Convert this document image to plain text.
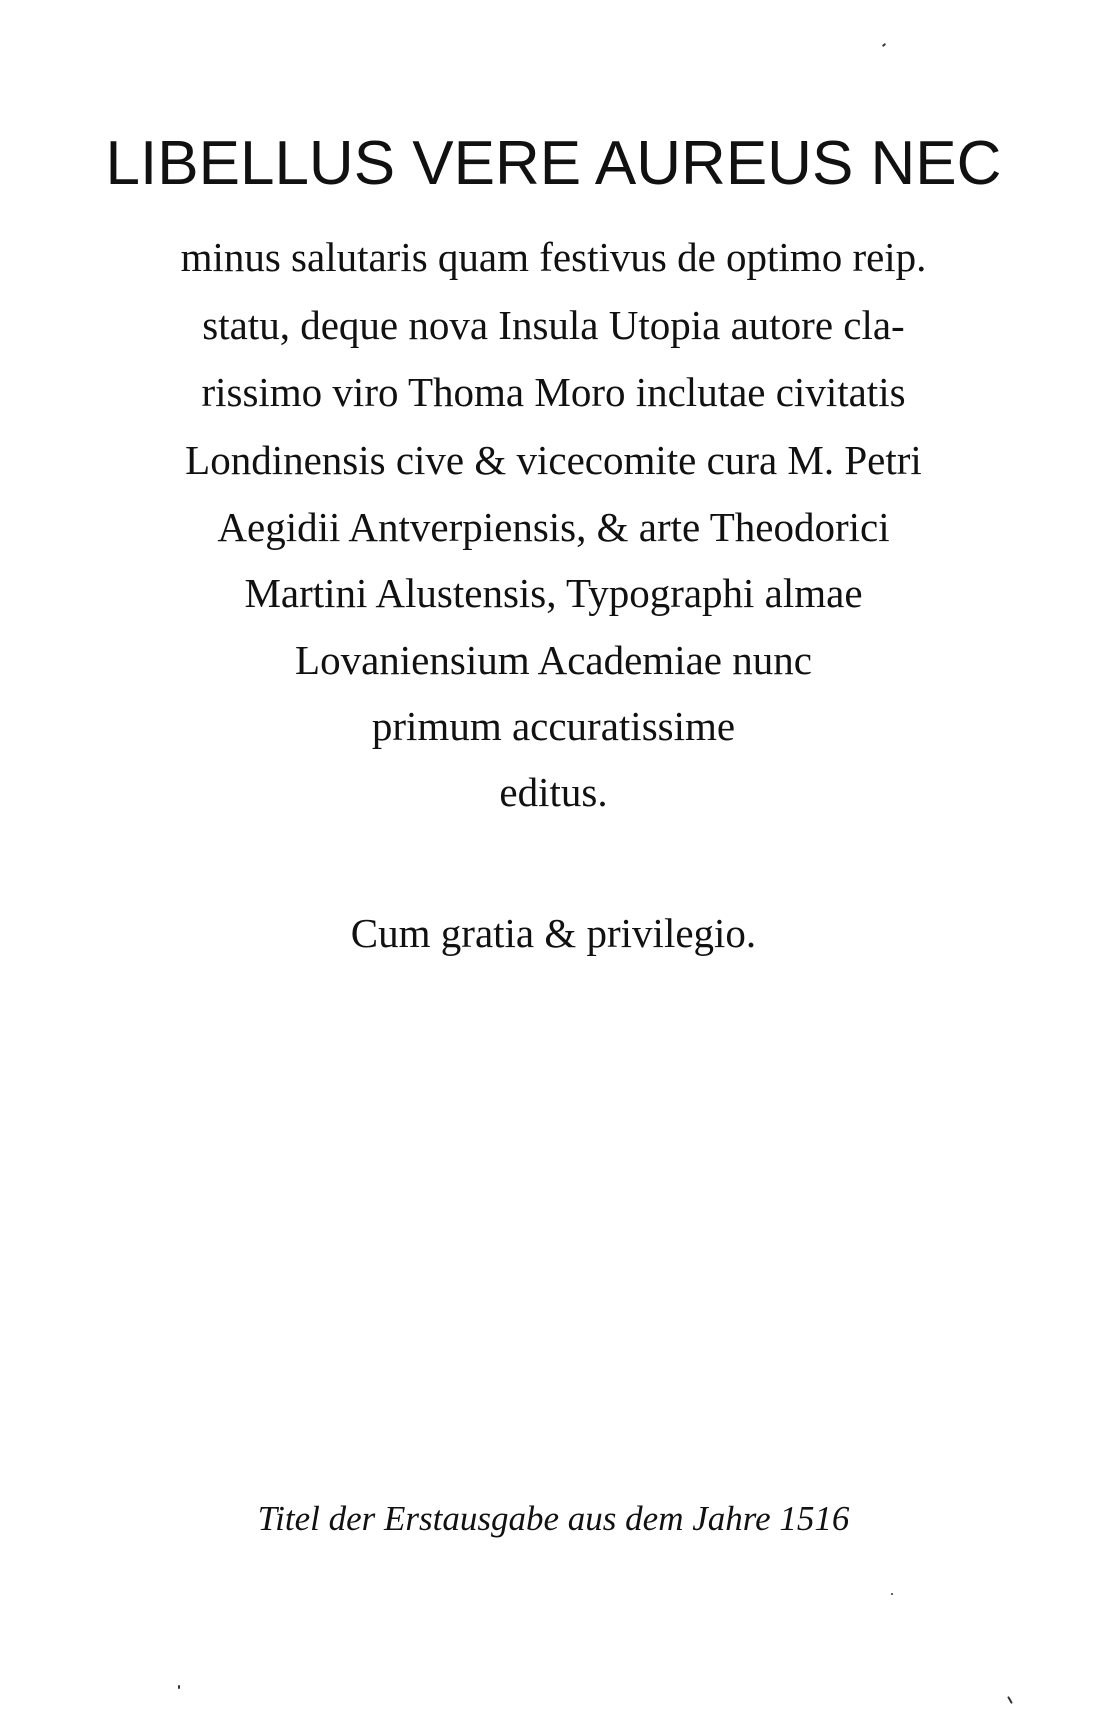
LIBELLUS VERE AUREUS NEC

minus salutaris quam festivus de optimo reip.

statu, deque nova Insula Utopia autore cla-

rissimo viro Thoma Moro inclutae civitatis

Londinensis cive & vicecomite cura M. Petri

Aegidii Antverpiensis, & arte Theodorici

Martini Alustensis, Typographi almae

Lovaniensium Academiae nunc

primum accuratissime

editus.

Cum gratia & privilegio.

Titel der Erstausgabe aus dem Jahre 1516
